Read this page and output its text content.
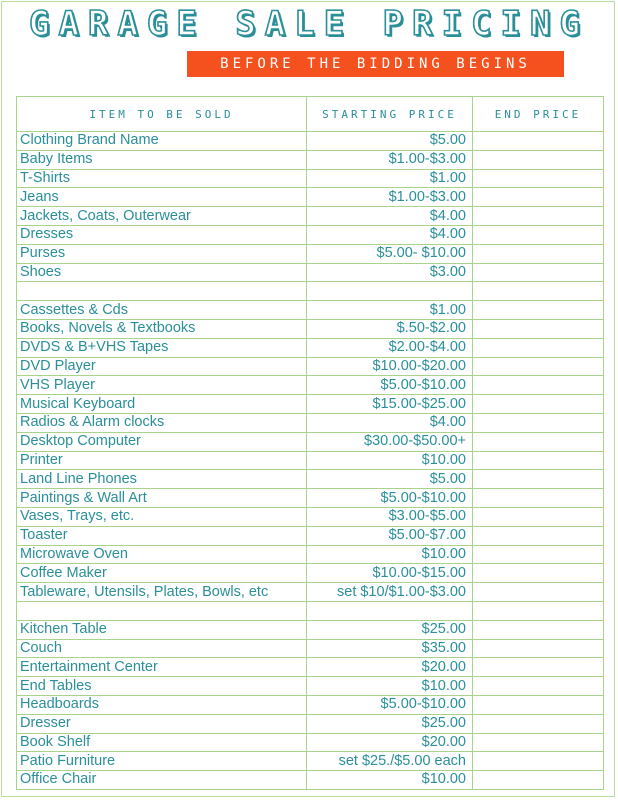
GARAGE SALE PRICING
BEFORE THE BIDDING BEGINS
ITEM TO BE SOLD	STARTING PRICE	END PRICE
Clothing Brand Name	$5.00	
Baby Items	$1.00-$3.00	
T-Shirts	$1.00	
Jeans	$1.00-$3.00	
Jackets, Coats, Outerwear	$4.00	
Dresses	$4.00	
Purses	$5.00- $10.00	
Shoes	$3.00	

Cassettes & Cds	$1.00	
Books, Novels & Textbooks	$.50-$2.00	
DVDS & B+VHS Tapes	$2.00-$4.00	
DVD Player	$10.00-$20.00	
VHS Player	$5.00-$10.00	
Musical Keyboard	$15.00-$25.00	
Radios & Alarm clocks	$4.00	
Desktop Computer	$30.00-$50.00+	
Printer	$10.00	
Land Line Phones	$5.00	
Paintings & Wall Art	$5.00-$10.00	
Vases, Trays, etc.	$3.00-$5.00	
Toaster	$5.00-$7.00	
Microwave Oven	$10.00	
Coffee Maker	$10.00-$15.00	
Tableware, Utensils, Plates, Bowls, etc	set $10/$1.00-$3.00	

Kitchen Table	$25.00	
Couch	$35.00	
Entertainment Center	$20.00	
End Tables	$10.00	
Headboards	$5.00-$10.00	
Dresser	$25.00	
Book Shelf	$20.00	
Patio Furniture	set $25./$5.00 each	
Office Chair	$10.00	
